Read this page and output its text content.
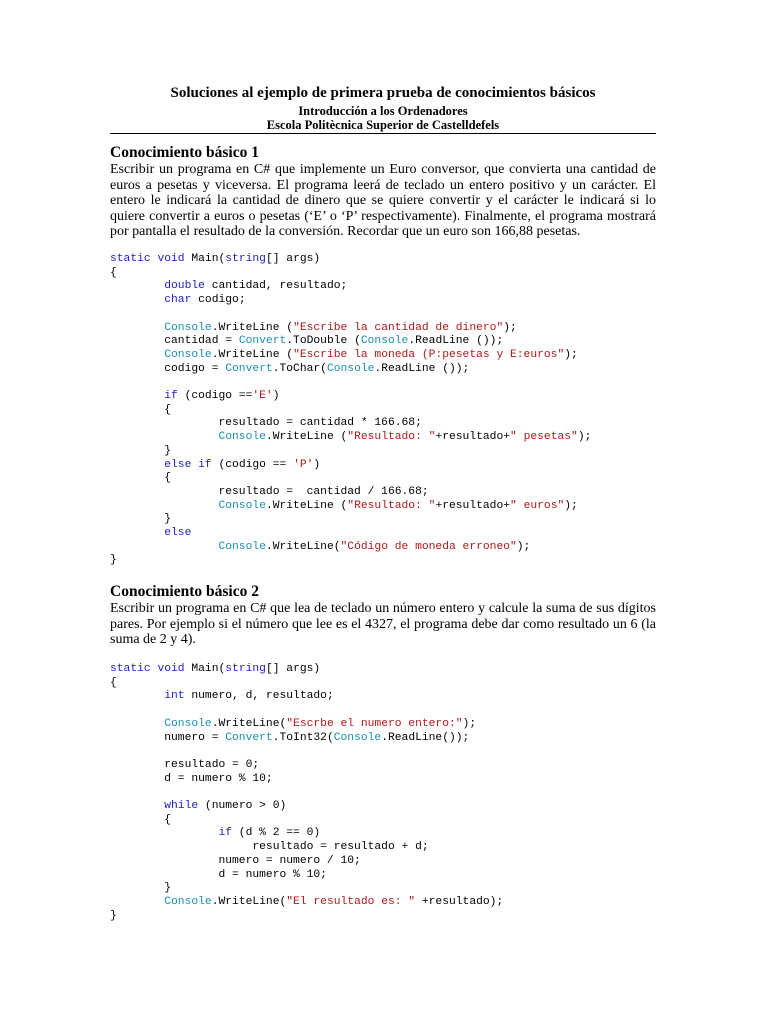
Soluciones al ejemplo de primera prueba de conocimientos básicos
Introducción a los Ordenadores
Escola Politècnica Superior de Castelldefels
Conocimiento básico 1
Escribir un programa en C# que implemente un Euro conversor, que convierta una cantidad de euros a pesetas y viceversa. El programa leerá de teclado un entero positivo y un carácter. El entero le indicará la cantidad de dinero que se quiere convertir y el carácter le indicará si lo quiere convertir a euros o pesetas (‘E’ o ‘P’ respectivamente). Finalmente, el programa mostrará por pantalla el resultado de la conversión. Recordar que un euro son 166,88 pesetas.
static void Main(string[] args)
{
double cantidad, resultado;
char codigo;

Console.WriteLine ("Escribe la cantidad de dinero");
cantidad = Convert.ToDouble (Console.ReadLine ());
Console.WriteLine ("Escribe la moneda (P:pesetas y E:euros");
codigo = Convert.ToChar(Console.ReadLine ());

if (codigo =='E')
{
resultado = cantidad * 166.68;
Console.WriteLine ("Resultado: "+resultado+" pesetas");
}
else if (codigo == 'P')
{
resultado =  cantidad / 166.68;
Console.WriteLine ("Resultado: "+resultado+" euros");
}
else
Console.WriteLine("Código de moneda erroneo");
}
Conocimiento básico 2
Escribir un programa en C# que lea de teclado un número entero y calcule la suma de sus dígitos pares. Por ejemplo si el número que lee es el 4327, el programa debe dar como resultado un 6 (la suma de 2 y 4).
static void Main(string[] args)
{
int numero, d, resultado;

Console.WriteLine("Escrbe el numero entero:");
numero = Convert.ToInt32(Console.ReadLine());

resultado = 0;
d = numero % 10;

while (numero > 0)
{
if (d % 2 == 0)
resultado = resultado + d;
numero = numero / 10;
d = numero % 10;
}
Console.WriteLine("El resultado es: " +resultado);
}
